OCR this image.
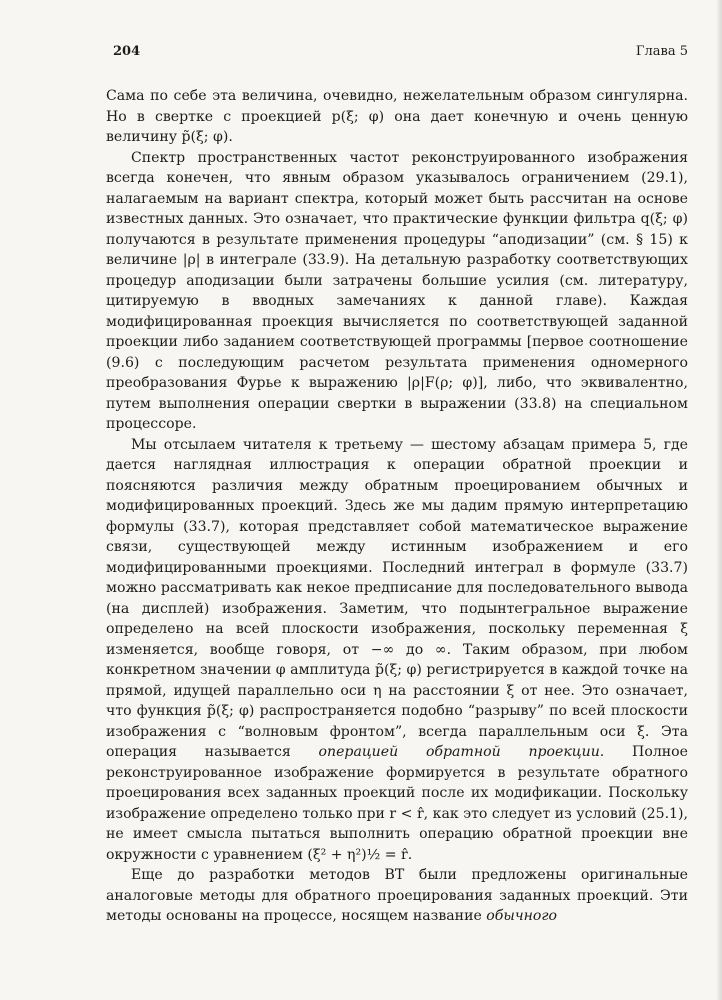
204	Глава 5

Сама по себе эта величина, очевидно, нежелательным образом сингулярна. Но в свертке с проекцией p(ξ; φ) она дает конечную и очень ценную величину p̃(ξ; φ).

Спектр пространственных частот реконструированного изображения всегда конечен, что явным образом указывалось ограничением (29.1), налагаемым на вариант спектра, который может быть рассчитан на основе известных данных. Это означает, что практические функции фильтра q(ξ; φ) получаются в результате применения процедуры “аподизации” (см. § 15) к величине |ρ| в интеграле (33.9). На детальную разработку соответствующих процедур аподизации были затрачены большие усилия (см. литературу, цитируемую в вводных замечаниях к данной главе). Каждая модифицированная проекция вычисляется по соответствующей заданной проекции либо заданием соответствующей программы [первое соотношение (9.6) с последующим расчетом результата применения одномерного преобразования Фурье к выражению |ρ|F(ρ; φ)], либо, что эквивалентно, путем выполнения операции свертки в выражении (33.8) на специальном процессоре.

Мы отсылаем читателя к третьему — шестому абзацам примера 5, где дается наглядная иллюстрация к операции обратной проекции и поясняются различия между обратным проецированием обычных и модифицированных проекций. Здесь же мы дадим прямую интерпретацию формулы (33.7), которая представляет собой математическое выражение связи, существующей между истинным изображением и его модифицированными проекциями. Последний интеграл в формуле (33.7) можно рассматривать как некое предписание для последовательного вывода (на дисплей) изображения. Заметим, что подынтегральное выражение определено на всей плоскости изображения, поскольку переменная ξ изменяется, вообще говоря, от −∞ до ∞. Таким образом, при любом конкретном значении φ амплитуда p̃(ξ; φ) регистрируется в каждой точке на прямой, идущей параллельно оси η на расстоянии ξ от нее. Это означает, что функция p̃(ξ; φ) распространяется подобно “разрыву” по всей плоскости изображения с “волновым фронтом”, всегда параллельным оси ξ. Эта операция называется операцией обратной проекции. Полное реконструированное изображение формируется в результате обратного проецирования всех заданных проекций после их модификации. Поскольку изображение определено только при r < r̂, как это следует из условий (25.1), не имеет смысла пытаться выполнить операцию обратной проекции вне окружности с уравнением (ξ² + η²)½ = r̂.

Еще до разработки методов ВТ были предложены оригинальные аналоговые методы для обратного проецирования заданных проекций. Эти методы основаны на процессе, носящем название обычного
